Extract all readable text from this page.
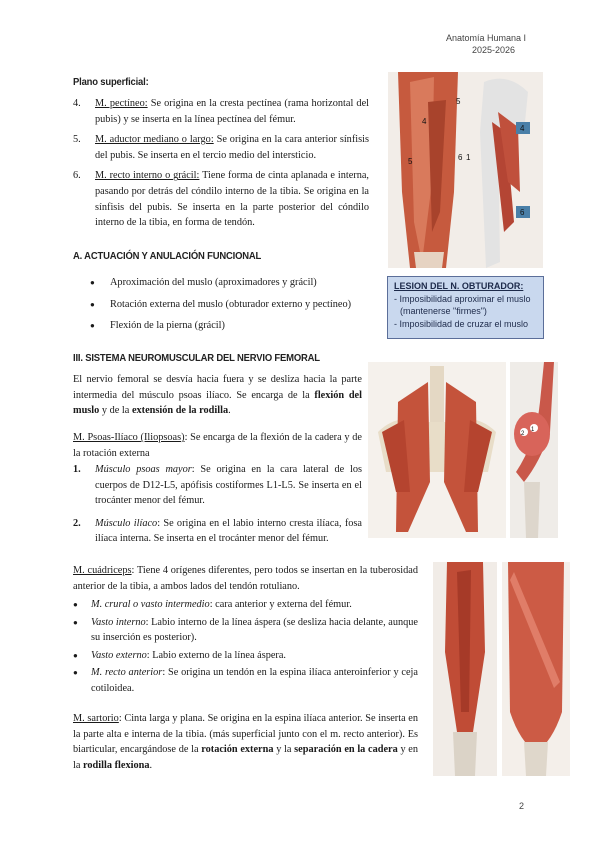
Anatomía Humana I
2025-2026
Plano superficial:
4. M. pectíneo: Se origina en la cresta pectínea (rama horizontal del pubis) y se inserta en la línea pectínea del fémur.
5. M. aductor mediano o largo: Se origina en la cara anterior sínfisis del pubis. Se inserta en el tercio medio del intersticio.
6. M. recto interno o grácil: Tiene forma de cinta aplanada e interna, pasando por detrás del cóndilo interno de la tibia. Se origina en la sínfisis del pubis. Se inserta en la parte posterior del cóndilo interno de la tibia, en forma de tendón.
5
4
5	6 1
4
6
A. ACTUACIÓN Y ANULACIÓN FUNCIONAL
● Aproximación del muslo (aproximadores y grácil)
● Rotación externa del muslo (obturador externo y pectíneo)
● Flexión de la pierna (grácil)
LESION DEL N. OBTURADOR:
- Imposibilidad aproximar el muslo
(mantenerse "firmes")
- Imposibilidad de cruzar el muslo
III. SISTEMA NEUROMUSCULAR DEL NERVIO FEMORAL
El nervio femoral se desvía hacia fuera y se desliza hacia la parte intermedia del músculo psoas ilíaco. Se encarga de la flexión del muslo y de la extensión de la rodilla.
M. Psoas-Ilíaco (Iliopsoas): Se encarga de la flexión de la cadera y de la rotación externa
1. Músculo psoas mayor: Se origina en la cara lateral de los cuerpos de D12-L5, apófisis costiformes L1-L5. Se inserta en el trocánter menor del fémur.
2. Músculo ilíaco: Se origina en el labio interno cresta ilíaca, fosa ilíaca interna. Se inserta en el trocánter menor del fémur.
2
1
M. cuádriceps: Tiene 4 orígenes diferentes, pero todos se insertan en la tuberosidad anterior de la tibia, a ambos lados del tendón rotuliano.
● M. crural o vasto intermedio: cara anterior y externa del fémur.
● Vasto interno: Labio interno de la línea áspera (se desliza hacia delante, aunque su inserción es posterior).
● Vasto externo: Labio externo de la línea áspera.
● M. recto anterior: Se origina un tendón en la espina ilíaca anteroinferior y ceja cotiloidea.
M. sartorio: Cinta larga y plana. Se origina en la espina ilíaca anterior. Se inserta en la parte alta e interna de la tibia. (más superficial junto con el m. recto anterior). Es biarticular, encargándose de la rotación externa y la separación en la cadera y en la rodilla flexiona.
2
